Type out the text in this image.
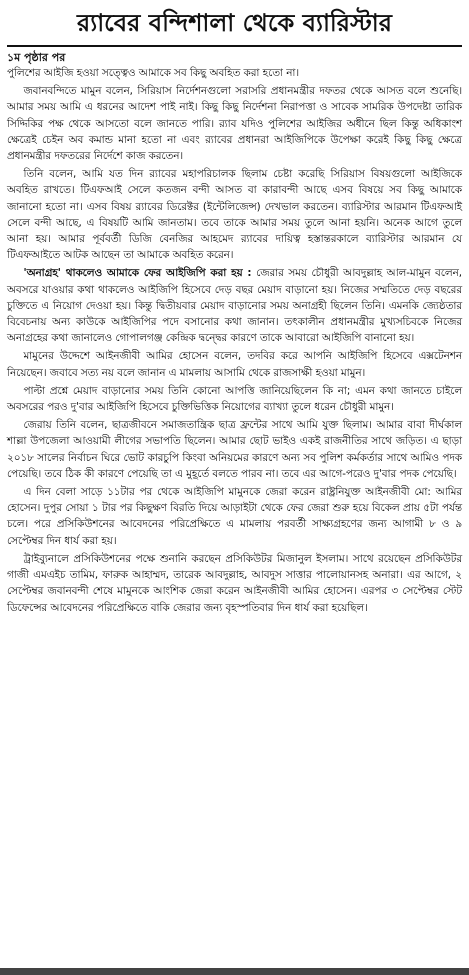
র‍্যাবের বন্দিশালা থেকে ব্যারিস্টার

১ম পৃষ্ঠার পর

পুলিশের আইজি হওয়া সত্ত্বেও আমাকে সব কিছু অবহিত করা হতো না।

জবানবন্দিতে মামুন বলেন, সিরিয়াস নির্দেশনগুলো সরাসরি প্রধানমন্ত্রীর দফতর থেকে আসত বলে শুনেছি। আমার সময় আমি এ ধরনের আদেশ পাই নাই। কিছু কিছু নির্দেশনা নিরাপত্তা ও সাবেক সামরিক উপদেষ্টা তারিক সিদ্দিকির পক্ষ থেকে আসতো বলে জানতে পারি। র‍্যাব যদিও পুলিশের আইজির অধীনে ছিল কিন্তু অধিকাংশ ক্ষেত্রেই চেইন অব কমান্ড মানা হতো না এবং র‍্যাবের প্রধানরা আইজিপিকে উপেক্ষা করেই কিছু কিছু ক্ষেত্রে প্রধানমন্ত্রীর দফতরের নির্দেশে কাজ করতেন।

তিনি বলেন, আমি যত দিন র‍্যাবের মহাপরিচালক ছিলাম চেষ্টা করেছি সিরিয়াস বিষয়গুলো আইজিকে অবহিত রাখতে। টিএফআই সেলে কতজন বন্দী আসত বা কারাবন্দী আছে এসব বিষয়ে সব কিছু আমাকে জানানো হতো না। এসব বিষয় র‍্যাবের ডিরেক্টর (ইন্টেলিজেন্স) দেখভাল করতেন। ব্যারিস্টার আরমান টিএফআই সেলে বন্দী আছে, এ বিষয়টি আমি জানতাম। তবে তাকে আমার সময় তুলে আনা হয়নি। অনেক আগে তুলে আনা হয়। আমার পূর্ববর্তী ডিজি বেনজির আহমেদ র‍্যাবের দায়িত্ব হস্তান্তরকালে ব্যারিস্টার আরমান যে টিএফআইতে আটক আছেন তা আমাকে অবহিত করেন।

'অনাগ্রহ' থাকলেও আমাকে ফের আইজিপি করা হয় : জেরার সময় চৌধুরী আবদুল্লাহ আল-মামুন বলেন, অবসরে যাওয়ার কথা থাকলেও আইজিপি হিসেবে দেড় বছর মেয়াদ বাড়ানো হয়। নিজের সম্মতিতে দেড় বছরের চুক্তিতে এ নিয়োগ দেওয়া হয়। কিন্তু দ্বিতীয়বার মেয়াদ বাড়ানোর সময় অনাগ্রহী ছিলেন তিনি। এমনকি জ্যেষ্ঠতার বিবেচনায় অন্য কাউকে আইজিপির পদে বসানোর কথা জানান। তৎকালীন প্রধানমন্ত্রীর মুখ্যসচিবকে নিজের অনাগ্রহের কথা জানালেও গোপালগঞ্জ কেন্দ্রিক দ্বন্দ্বের কারণে তাকে আবারো আইজিপি বানানো হয়।

মামুনের উদ্দেশে আইনজীবী আমির হোসেন বলেন, তদবির করে আপনি আইজিপি হিসেবে এক্সটেনশন নিয়েছেন। জবাবে সত্য নয় বলে জানান এ মামলায় আসামি থেকে রাজসাক্ষী হওয়া মামুন।

পাল্টা প্রশ্নে মেয়াদ বাড়ানোর সময় তিনি কোনো আপত্তি জানিয়েছিলেন কি না; এমন কথা জানতে চাইলে অবসরের পরও দু'বার আইজিপি হিসেবে চুক্তিভিত্তিক নিয়োগের ব্যাখ্যা তুলে ধরেন চৌধুরী মামুন।

জেরায় তিনি বলেন, ছাত্রজীবনে সমাজতান্ত্রিক ছাত্র ফ্রন্টের সাথে আমি যুক্ত ছিলাম। আমার বাবা দীর্ঘকাল শাল্লা উপজেলা আওয়ামী লীগের সভাপতি ছিলেন। আমার ছোট ভাইও একই রাজনীতির সাথে জড়িত। এ ছাড়া ২০১৮ সালের নির্বাচন ঘিরে ভোট কারচুপি কিংবা অনিয়মের কারণে অন্য সব পুলিশ কর্মকর্তার সাথে আমিও পদক পেয়েছি। তবে ঠিক কী কারণে পেয়েছি তা এ মুহূর্তে বলতে পারব না। তবে এর আগে-পরেও দু'বার পদক পেয়েছি।

এ দিন বেলা সাড়ে ১১টার পর থেকে আইজিপি মামুনকে জেরা করেন রাষ্ট্রনিযুক্ত আইনজীবী মো: আমির হোসেন। দুপুর সোয়া ১ টার পর কিছুক্ষণ বিরতি দিয়ে আড়াইটা থেকে ফের জেরা শুরু হয়ে বিকেল প্রায় ৫টা পর্যন্ত চলে। পরে প্রসিকিউশনের আবেদনের পরিপ্রেক্ষিতে এ মামলায় পরবর্তী সাক্ষ্যগ্রহণের জন্য আগামী ৮ ও ৯ সেপ্টেম্বর দিন ধার্য করা হয়।

ট্রাইব্যুনালে প্রসিকিউশনের পক্ষে শুনানি করছেন প্রসিকিউটর মিজানুল ইসলাম। সাথে রয়েছেন প্রসিকিউটর গাজী এমএইচ তামিম, ফারুক আহাম্মদ, তারেক আবদুল্লাহ, আবদুস সাত্তার পালোয়ানসহ অনারা। এর আগে, ২ সেপ্টেম্বর জবানবন্দী শেষে মামুনকে আংশিক জেরা করেন আইনজীবী আমির হোসেন। এরপর ৩ সেপ্টেম্বর স্টেট ডিফেন্সের আবেদনের পরিপ্রেক্ষিতে বাকি জেরার জন্য বৃহস্পতিবার দিন ধার্য করা হয়েছিল।
